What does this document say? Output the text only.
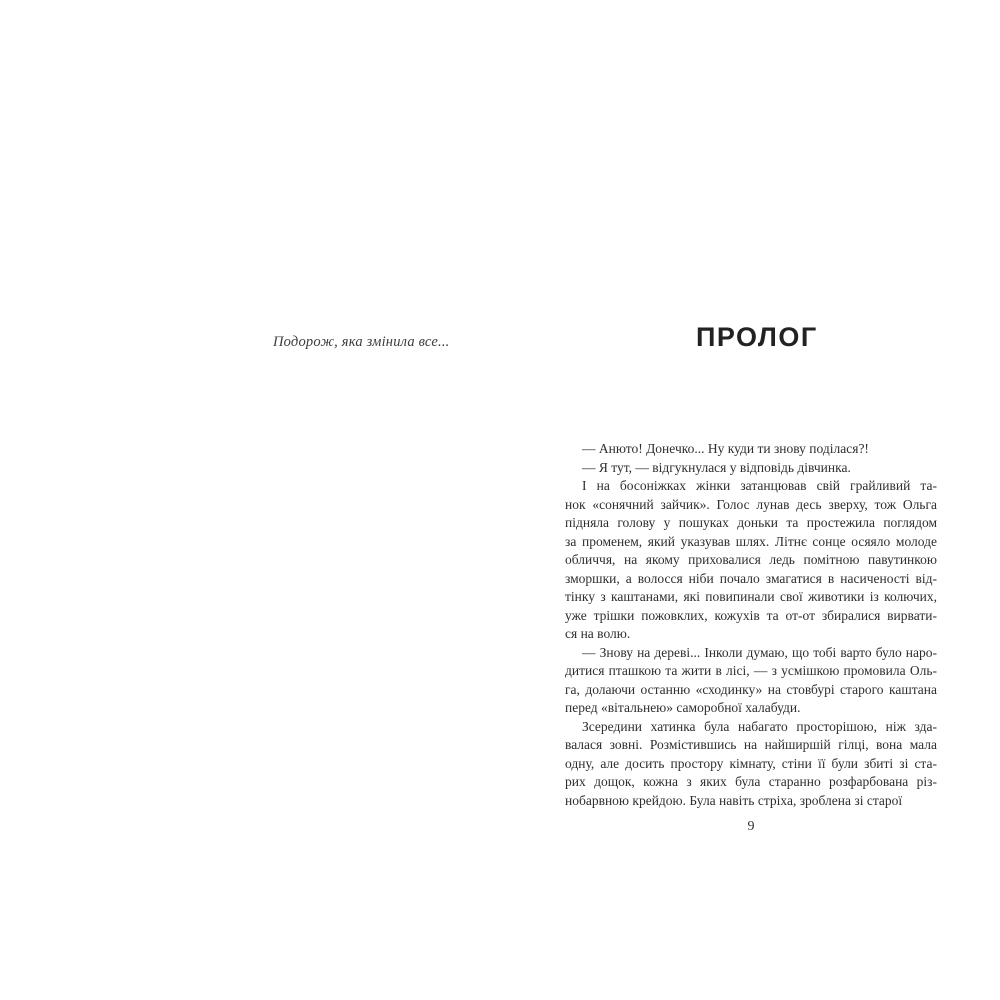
Подорож, яка змінила все...	ПРОЛОГ

— Анюто! Донечко... Ну куди ти знову поділася?!

— Я тут, — відгукнулася у відповідь дівчинка.

І на босоніжках жінки затанцював свій грайливий та-
нок «сонячний зайчик». Голос лунав десь зверху, тож Ольга
підняла голову у пошуках доньки та простежила поглядом
за променем, який указував шлях. Літнє сонце осяяло молоде
обличчя, на якому приховалися ледь помітною павутинкою
зморшки, а волосся ніби почало змагатися в насиченості від-
тінку з каштанами, які повипинали свої животики із колючих,
уже трішки пожовклих, кожухів та от-от збиралися вирвати-
ся на волю.

— Знову на дереві... Інколи думаю, що тобі варто було наро-
дитися пташкою та жити в лісі, — з усмішкою промовила Оль-
га, долаючи останню «сходинку» на стовбурі старого каштана
перед «вітальнею» саморобної халабуди.

Зсередини хатинка була набагато просторішою, ніж зда-
валася зовні. Розмістившись на найширшій гілці, вона мала
одну, але досить простору кімнату, стіни її були збиті зі ста-
рих дощок, кожна з яких була старанно розфарбована різ-
нобарвною крейдою. Була навіть стріха, зроблена зі старої

9
